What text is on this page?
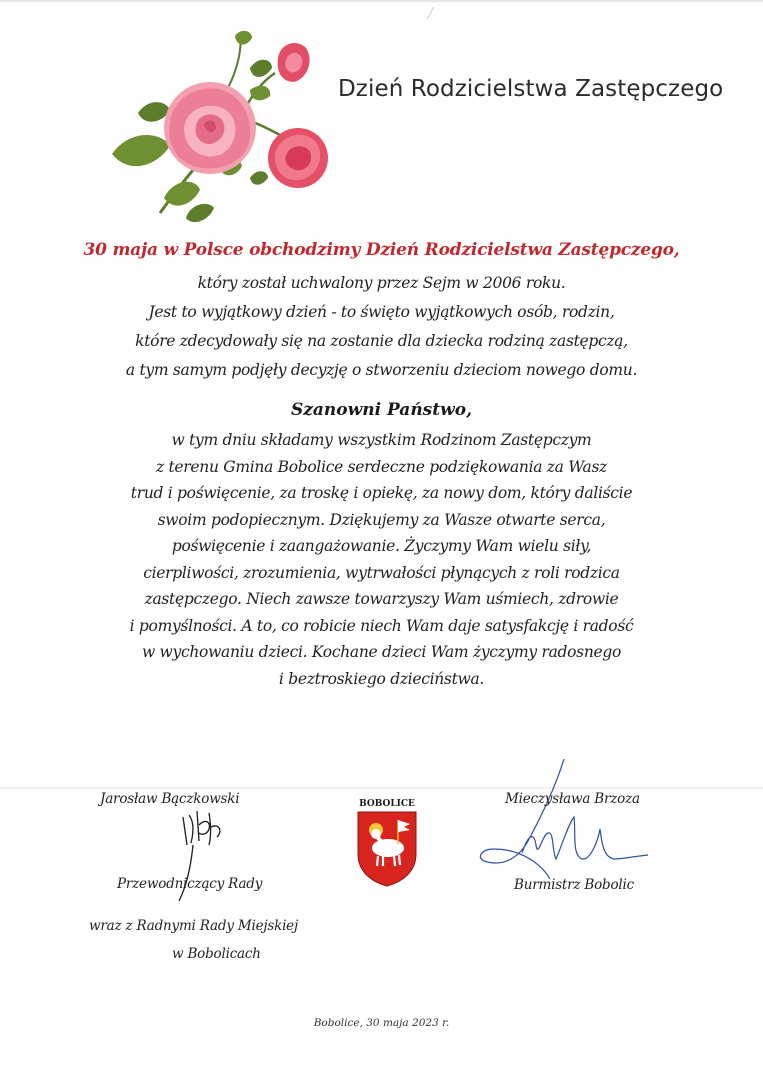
Dzień Rodzicielstwa Zastępczego
30 maja w Polsce obchodzimy Dzień Rodzicielstwa Zastępczego,
który został uchwalony przez Sejm w 2006 roku.
Jest to wyjątkowy dzień - to święto wyjątkowych osób, rodzin,
które zdecydowały się na zostanie dla dziecka rodziną zastępczą,
a tym samym podjęły decyzję o stworzeniu dzieciom nowego domu.
Szanowni Państwo,
w tym dniu składamy wszystkim Rodzinom Zastępczym
z terenu Gmina Bobolice serdeczne podziękowania za Wasz
trud i poświęcenie, za troskę i opiekę, za nowy dom, który daliście
swoim podopiecznym. Dziękujemy za Wasze otwarte serca,
poświęcenie i zaangażowanie. Życzymy Wam wielu siły,
cierpliwości, zrozumienia, wytrwałości płynących z roli rodzica
zastępczego. Niech zawsze towarzyszy Wam uśmiech, zdrowie
i pomyślności. A to, co robicie niech Wam daje satysfakcję i radość
w wychowaniu dzieci. Kochane dzieci Wam życzymy radosnego
i beztroskiego dzieciństwa.
Jarosław Bączkowski
Przewodniczący Rady
wraz z Radnymi Rady Miejskiej
w Bobolicach
BOBOLICE	Mieczysława Brzoza
Burmistrz Bobolic
Bobolice, 30 maja 2023 r.
